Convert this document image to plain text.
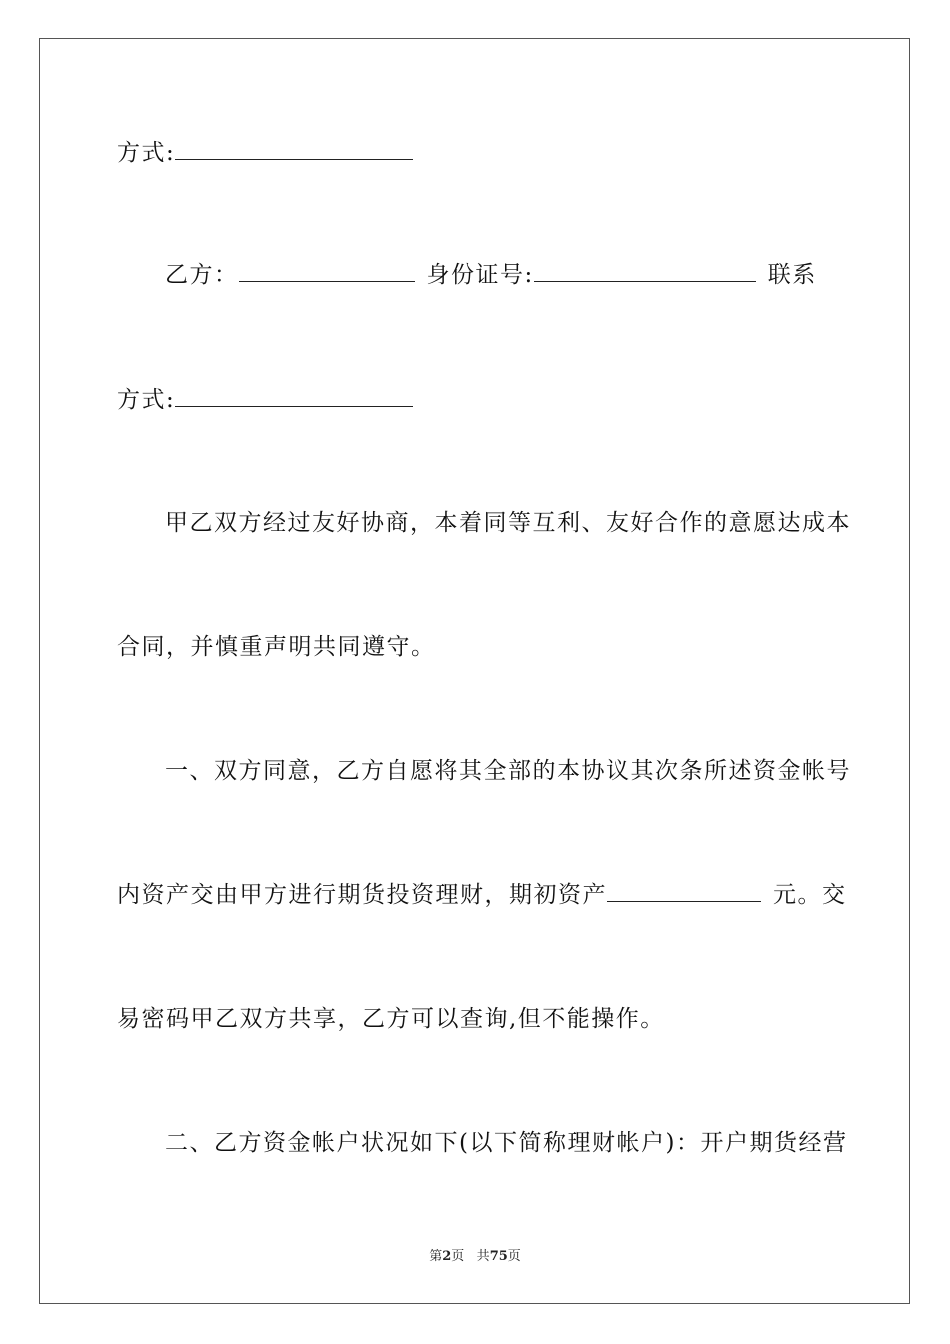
方式:
乙方：	身份证号:	联系
方式:
甲乙双方经过友好协商，本着同等互利、友好合作的意愿达成本
合同，并慎重声明共同遵守。
一、双方同意，乙方自愿将其全部的本协议其次条所述资金帐号
内资产交由甲方进行期货投资理财，期初资产	元。交
易密码甲乙双方共享，乙方可以查询,但不能操作。
二、乙方资金帐户状况如下(以下简称理财帐户)：开户期货经营
第2页 共75页
